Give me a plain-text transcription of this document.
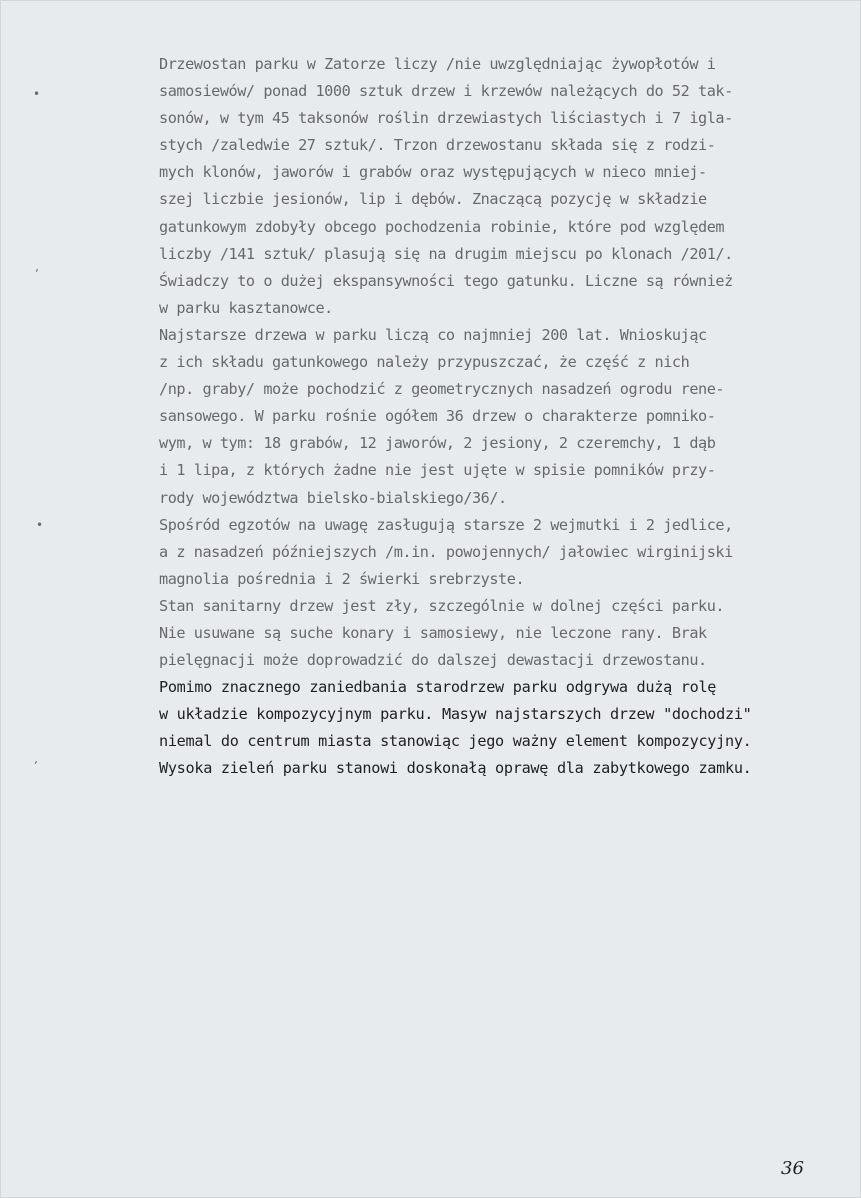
•
ʼ
•
ʼ
Drzewostan parku w Zatorze liczy /nie uwzględniając żywopłotów i
samosiewów/ ponad 1000 sztuk drzew i krzewów należących do 52 tak-
sonów, w tym 45 taksonów roślin drzewiastych liściastych i 7 igla-
stych /zaledwie 27 sztuk/. Trzon drzewostanu składa się z rodzi-
mych klonów, jaworów i grabów oraz występujących w nieco mniej-
szej liczbie jesionów, lip i dębów. Znaczącą pozycję w składzie
gatunkowym zdobyły obcego pochodzenia robinie, które pod względem
liczby /141 sztuk/ plasują się na drugim miejscu po klonach /201/.
Świadczy to o dużej ekspansywności tego gatunku. Liczne są również
w parku kasztanowce.
Najstarsze drzewa w parku liczą co najmniej 200 lat. Wnioskując
z ich składu gatunkowego należy przypuszczać, że część z nich
/np. graby/ może pochodzić z geometrycznych nasadzeń ogrodu rene-
sansowego. W parku rośnie ogółem 36 drzew o charakterze pomniko-
wym, w tym: 18 grabów, 12 jaworów, 2 jesiony, 2 czeremchy, 1 dąb
i 1 lipa, z których żadne nie jest ujęte w spisie pomników przy-
rody województwa bielsko-bialskiego/36/.
Spośród egzotów na uwagę zasługują starsze 2 wejmutki i 2 jedlice,
a z nasadzeń późniejszych /m.in. powojennych/ jałowiec wirginijski
magnolia pośrednia i 2 świerki srebrzyste.
Stan sanitarny drzew jest zły, szczególnie w dolnej części parku.
Nie usuwane są suche konary i samosiewy, nie leczone rany. Brak
pielęgnacji może doprowadzić do dalszej dewastacji drzewostanu.
Pomimo znacznego zaniedbania starodrzew parku odgrywa dużą rolę
w układzie kompozycyjnym parku. Masyw najstarszych drzew "dochodzi"
niemal do centrum miasta stanowiąc jego ważny element kompozycyjny.
Wysoka zieleń parku stanowi doskonałą oprawę dla zabytkowego zamku.
36
